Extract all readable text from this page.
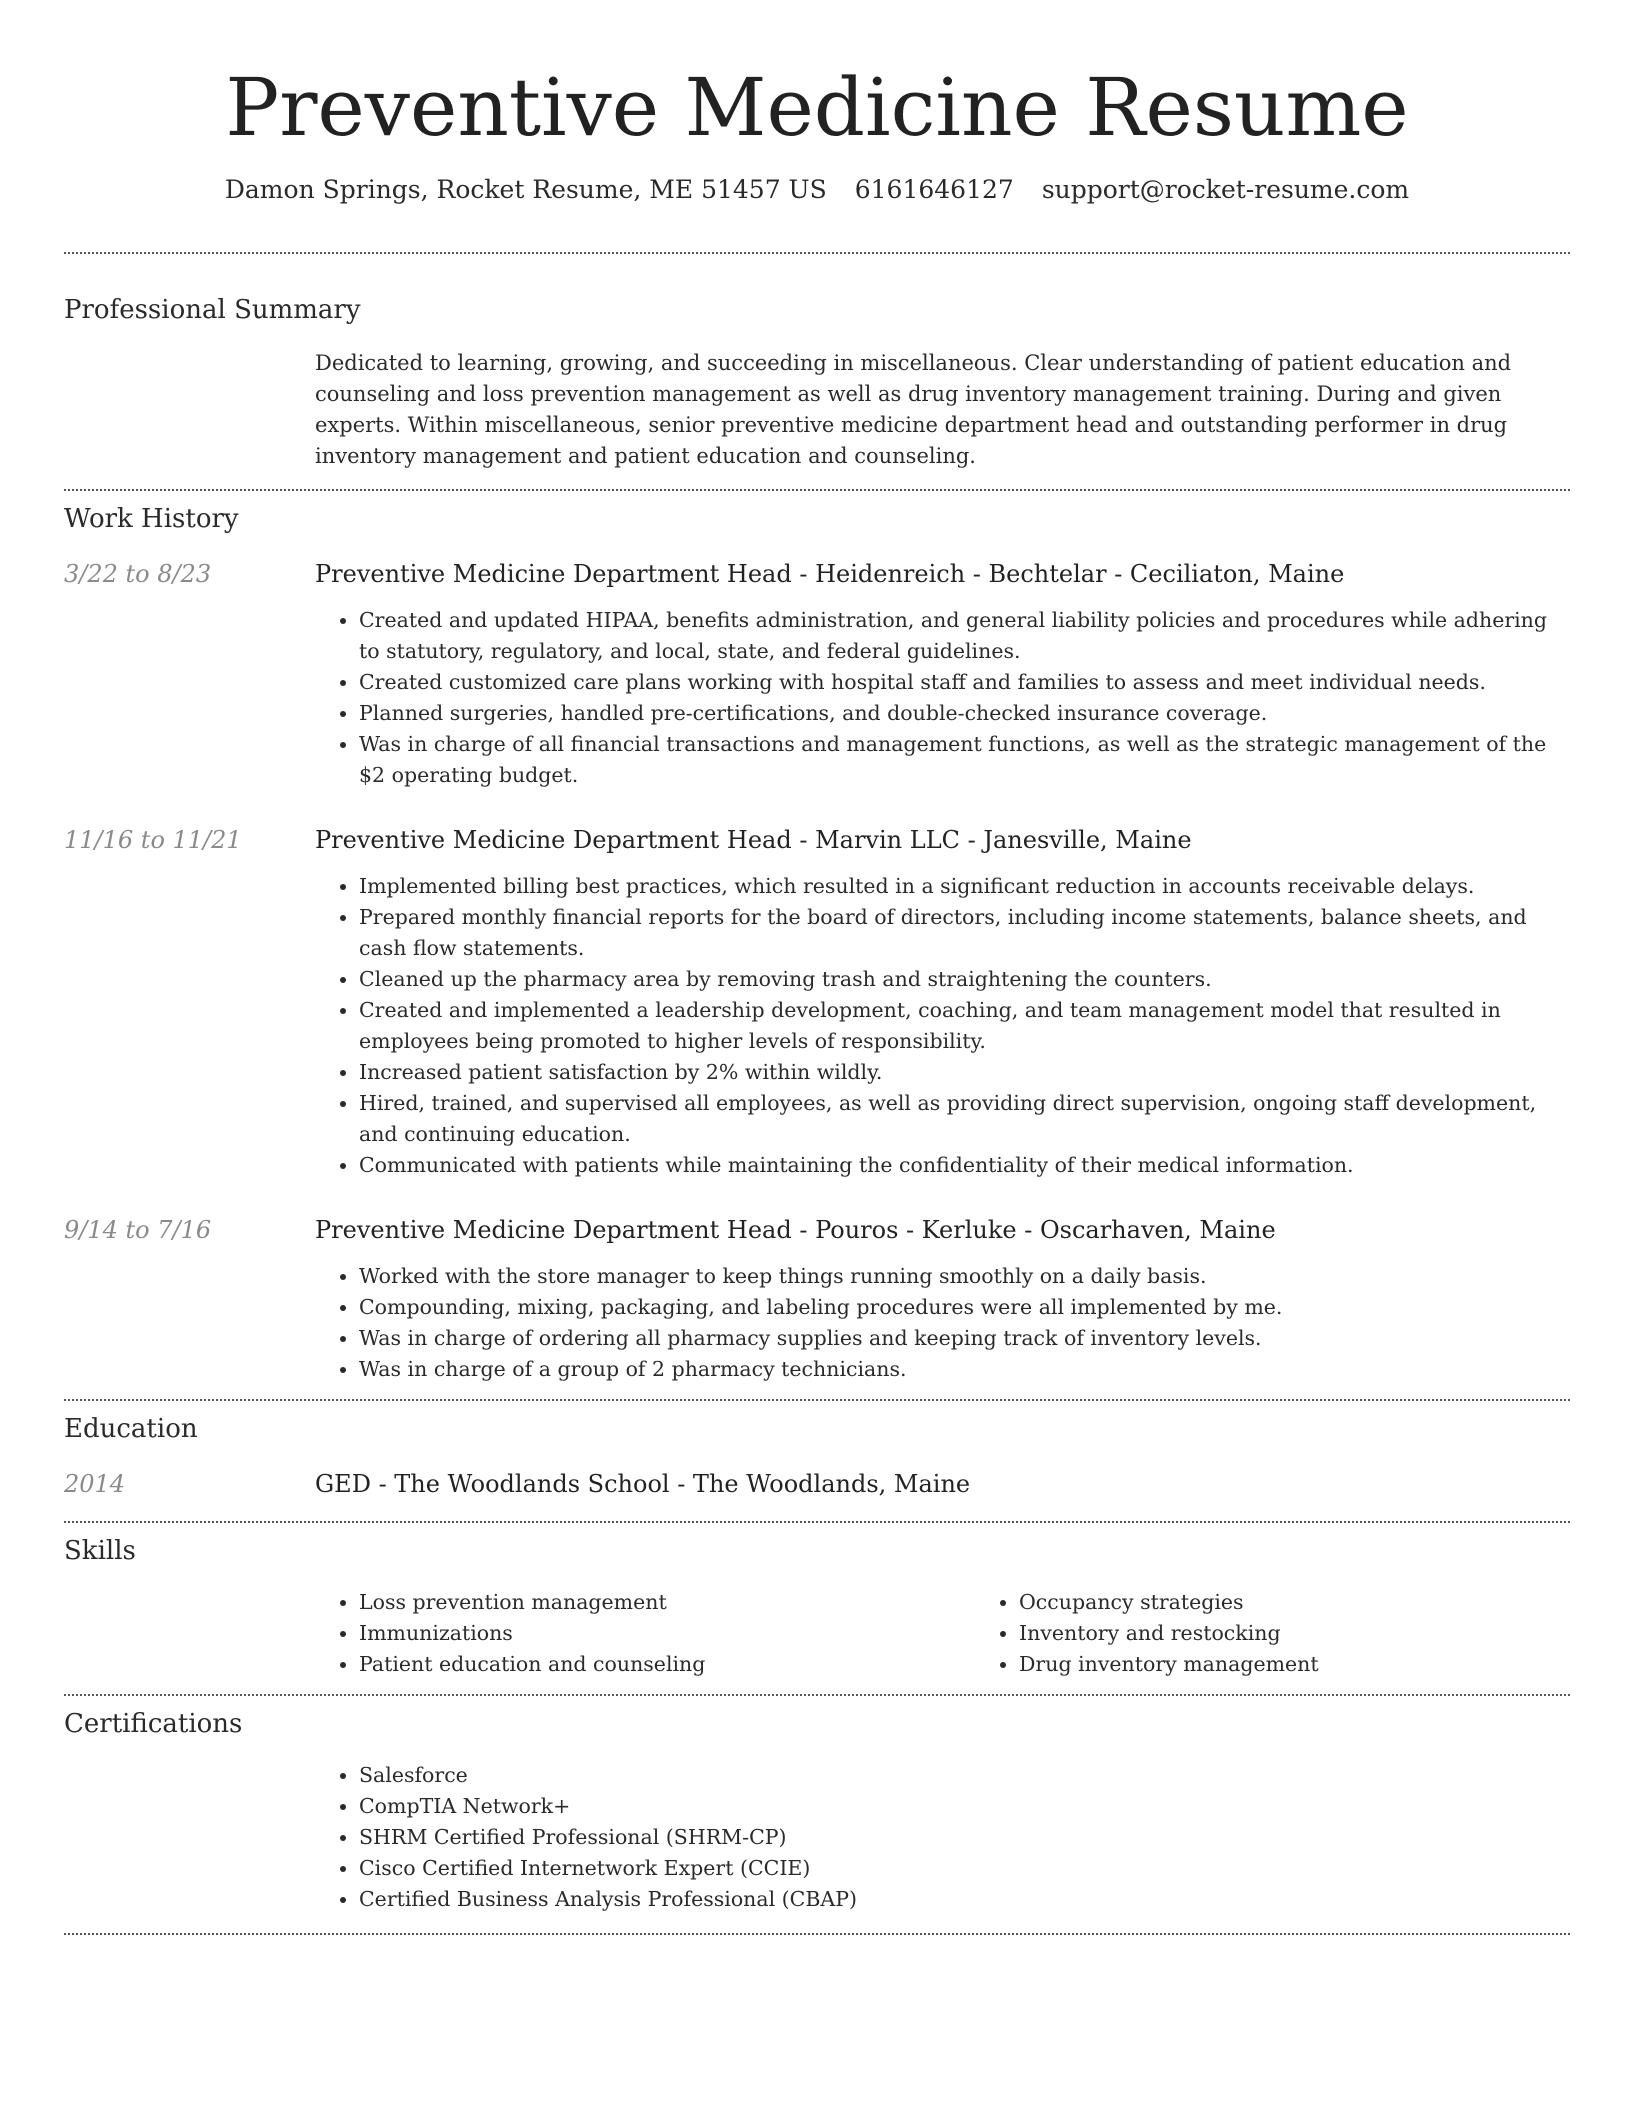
Preventive Medicine Resume
Damon Springs, Rocket Resume, ME 51457 US 6161646127 support@rocket-resume.com
Professional Summary

Dedicated to learning, growing, and succeeding in miscellaneous. Clear understanding of patient education and counseling and loss prevention management as well as drug inventory management training. During and given experts. Within miscellaneous, senior preventive medicine department head and outstanding performer in drug inventory management and patient education and counseling.

Work History
3/22 to 8/23	Preventive Medicine Department Head - Heidenreich - Bechtelar - Ceciliaton, Maine
• Created and updated HIPAA, benefits administration, and general liability policies and procedures while adhering to statutory, regulatory, and local, state, and federal guidelines.
• Created customized care plans working with hospital staff and families to assess and meet individual needs.
• Planned surgeries, handled pre-certifications, and double-checked insurance coverage.
• Was in charge of all financial transactions and management functions, as well as the strategic management of the $2 operating budget.
11/16 to 11/21	Preventive Medicine Department Head - Marvin LLC - Janesville, Maine
• Implemented billing best practices, which resulted in a significant reduction in accounts receivable delays.
• Prepared monthly financial reports for the board of directors, including income statements, balance sheets, and cash flow statements.
• Cleaned up the pharmacy area by removing trash and straightening the counters.
• Created and implemented a leadership development, coaching, and team management model that resulted in employees being promoted to higher levels of responsibility.
• Increased patient satisfaction by 2% within wildly.
• Hired, trained, and supervised all employees, as well as providing direct supervision, ongoing staff development, and continuing education.
• Communicated with patients while maintaining the confidentiality of their medical information.
9/14 to 7/16	Preventive Medicine Department Head - Pouros - Kerluke - Oscarhaven, Maine
• Worked with the store manager to keep things running smoothly on a daily basis.
• Compounding, mixing, packaging, and labeling procedures were all implemented by me.
• Was in charge of ordering all pharmacy supplies and keeping track of inventory levels.
• Was in charge of a group of 2 pharmacy technicians.
Education
2014	GED - The Woodlands School - The Woodlands, Maine
Skills
• Loss prevention management
• Immunizations
• Patient education and counseling
• Occupancy strategies
• Inventory and restocking
• Drug inventory management
Certifications
• Salesforce
• CompTIA Network+
• SHRM Certified Professional (SHRM-CP)
• Cisco Certified Internetwork Expert (CCIE)
• Certified Business Analysis Professional (CBAP)
